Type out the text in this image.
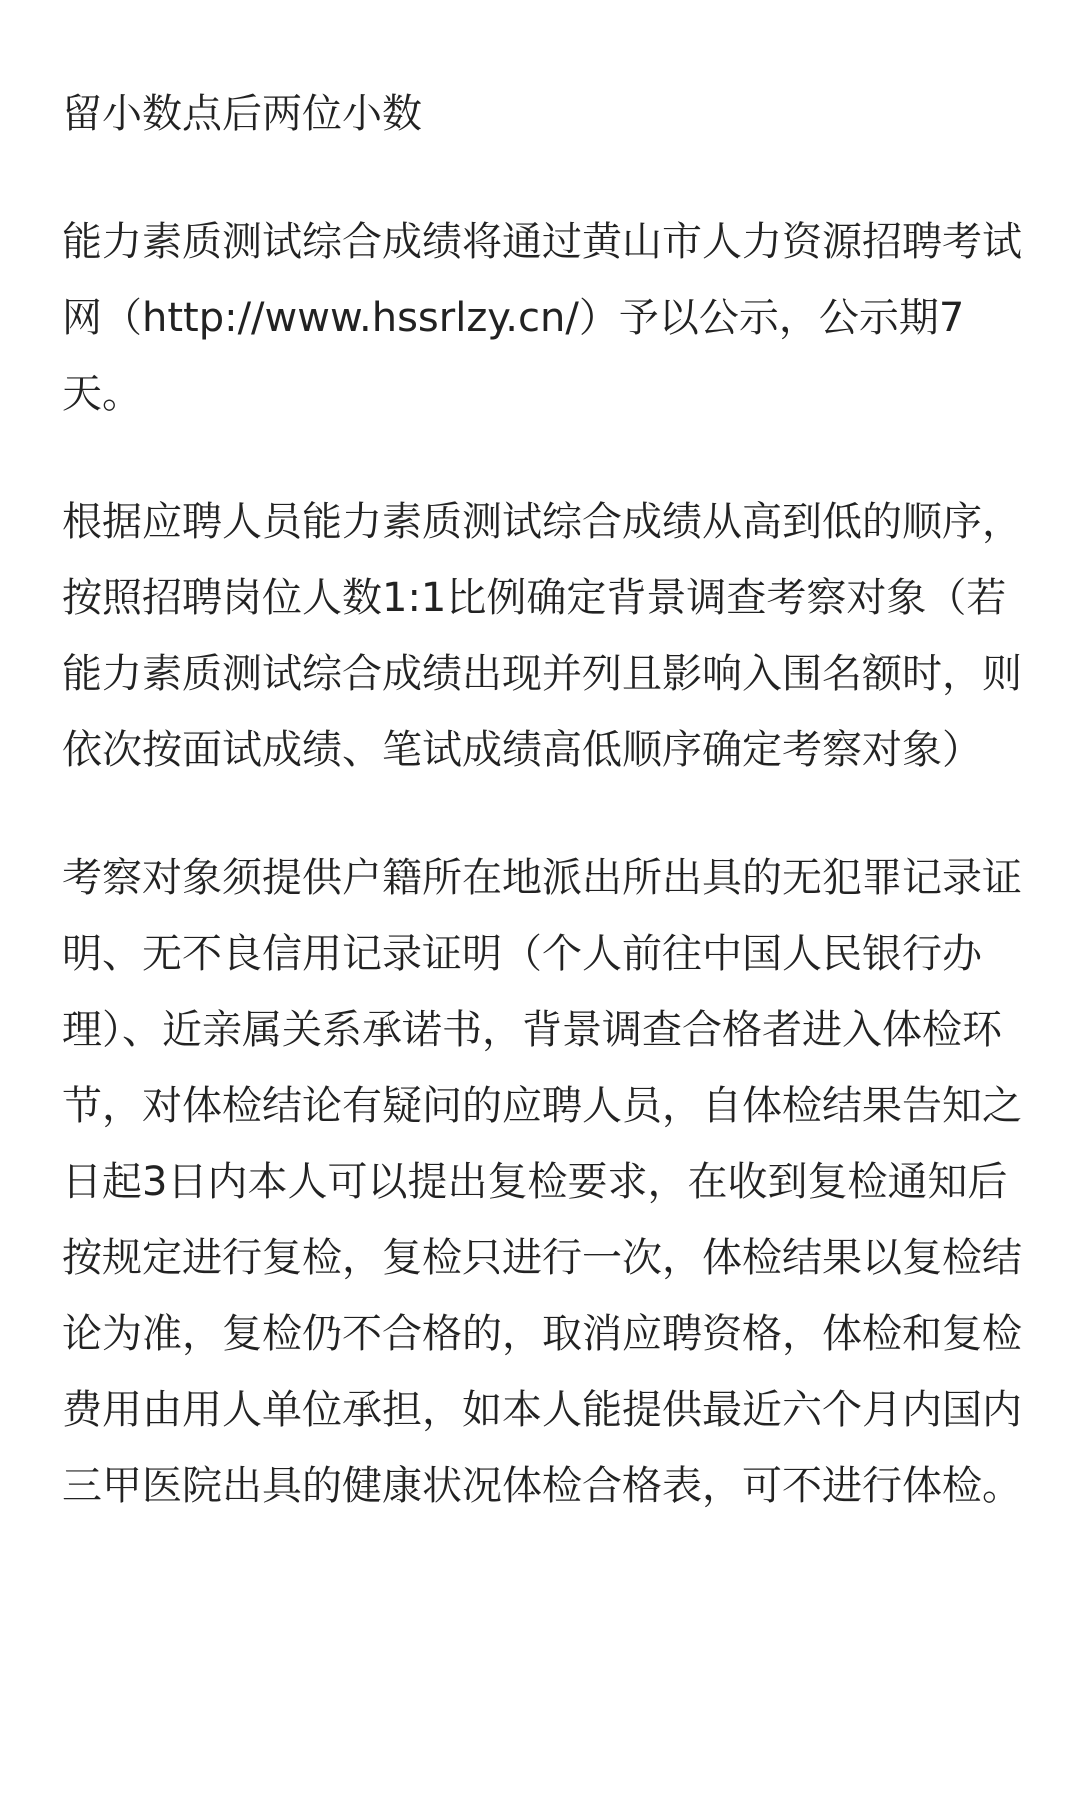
留小数点后两位小数

能力素质测试综合成绩将通过黄山市人力资源招聘考试网（http://www.hssrlzy.cn/）予以公示，公示期7天。

根据应聘人员能力素质测试综合成绩从高到低的顺序，按照招聘岗位人数1:1比例确定背景调查考察对象（若能力素质测试综合成绩出现并列且影响入围名额时，则依次按面试成绩、笔试成绩高低顺序确定考察对象）

考察对象须提供户籍所在地派出所出具的无犯罪记录证明、无不良信用记录证明（个人前往中国人民银行办理）、近亲属关系承诺书，背景调查合格者进入体检环节，对体检结论有疑问的应聘人员，自体检结果告知之日起3日内本人可以提出复检要求，在收到复检通知后按规定进行复检，复检只进行一次，体检结果以复检结论为准，复检仍不合格的，取消应聘资格，体检和复检费用由用人单位承担，如本人能提供最近六个月内国内三甲医院出具的健康状况体检合格表，可不进行体检。
